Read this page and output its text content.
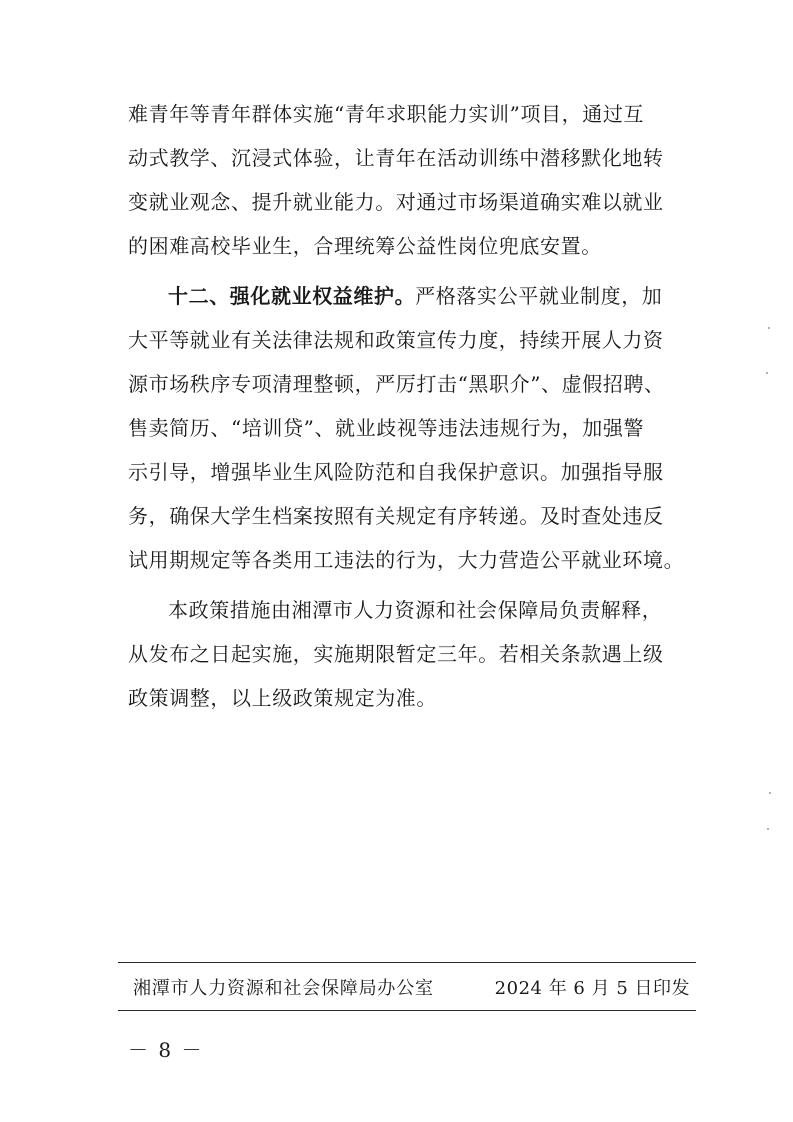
难青年等青年群体实施“青年求职能力实训”项目，通过互
动式教学、沉浸式体验，让青年在活动训练中潜移默化地转
变就业观念、提升就业能力。对通过市场渠道确实难以就业
的困难高校毕业生，合理统筹公益性岗位兜底安置。
十二、强化就业权益维护。严格落实公平就业制度，加
大平等就业有关法律法规和政策宣传力度，持续开展人力资
源市场秩序专项清理整顿，严厉打击“黑职介”、虚假招聘、
售卖简历、“培训贷”、就业歧视等违法违规行为，加强警
示引导，增强毕业生风险防范和自我保护意识。加强指导服
务，确保大学生档案按照有关规定有序转递。及时查处违反
试用期规定等各类用工违法的行为，大力营造公平就业环境。
本政策措施由湘潭市人力资源和社会保障局负责解释，
从发布之日起实施，实施期限暂定三年。若相关条款遇上级
政策调整，以上级政策规定为准。
湘潭市人力资源和社会保障局办公室	2024 年 6 月 5 日印发
－ 8 －
